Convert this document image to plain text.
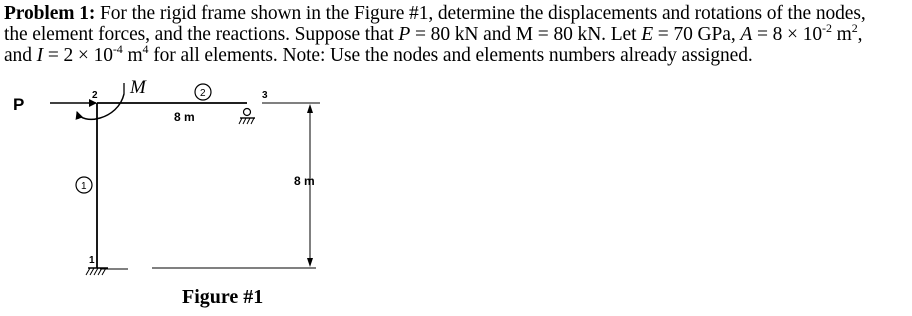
Problem 1: For the rigid frame shown in the Figure #1, determine the displacements and rotations of the nodes,
the element forces, and the reactions. Suppose that P = 80 kN and M = 80 kN. Let E = 70 GPa, $A = 8 \times 10^{-2}$ $m^2$,
and $I = 2 \times 10^{-4}$ $m^4$ for all elements. Note: Use the nodes and elements numbers already assigned.
P
M
2	3
1
1
2
8 m
8 m
Figure #1
